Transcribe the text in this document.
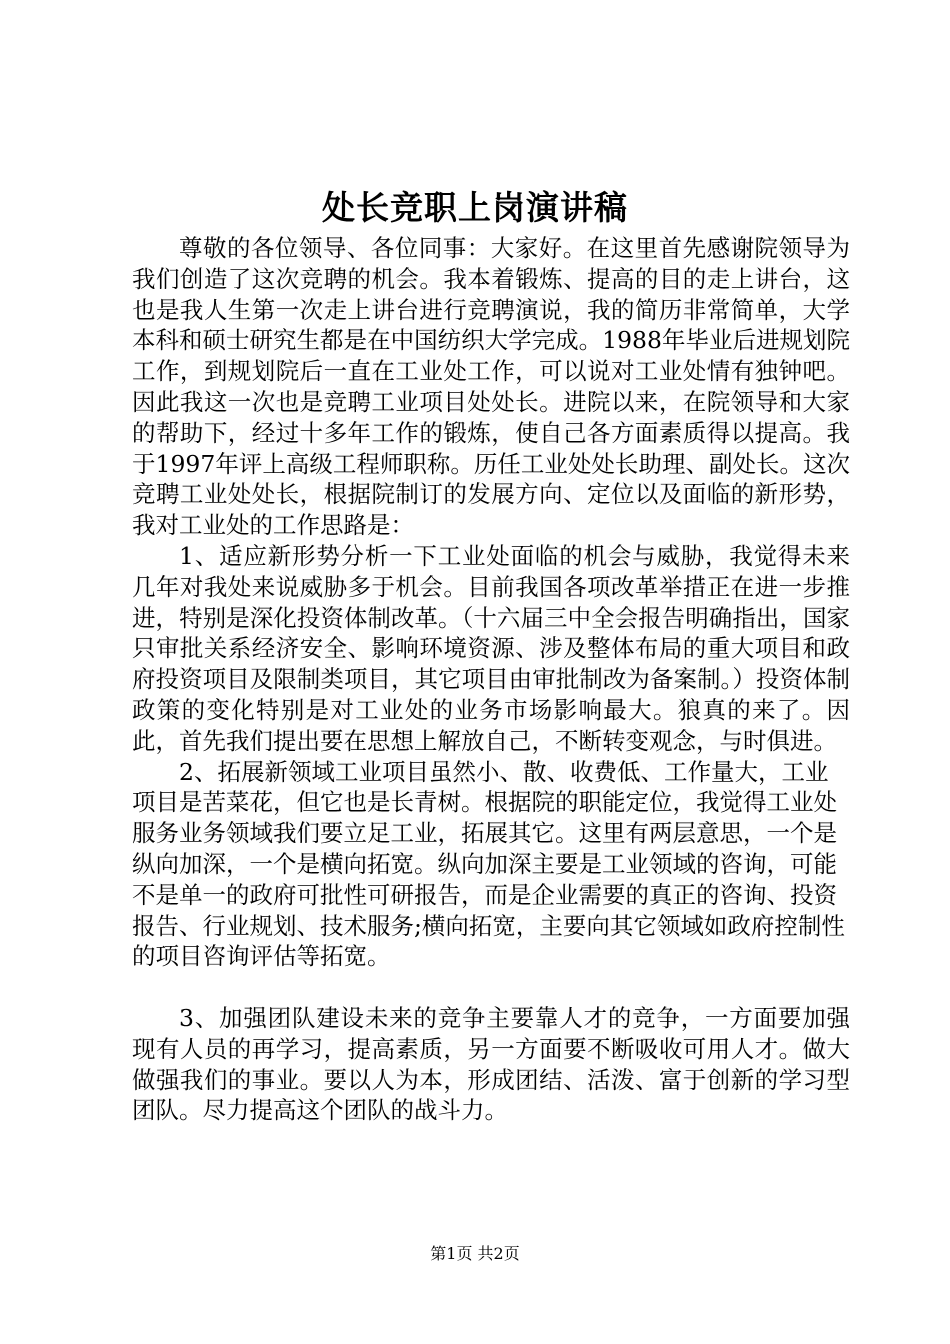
处长竞职上岗演讲稿

尊敬的各位领导、各位同事：大家好。在这里首先感谢院领导为我们创造了这次竞聘的机会。我本着锻炼、提高的目的走上讲台，这也是我人生第一次走上讲台进行竞聘演说，我的简历非常简单，大学本科和硕士研究生都是在中国纺织大学完成。1988年毕业后进规划院工作，到规划院后一直在工业处工作，可以说对工业处情有独钟吧。因此我这一次也是竞聘工业项目处处长。进院以来，在院领导和大家的帮助下，经过十多年工作的锻炼，使自己各方面素质得以提高。我于1997年评上高级工程师职称。历任工业处处长助理、副处长。这次竞聘工业处处长，根据院制订的发展方向、定位以及面临的新形势，我对工业处的工作思路是：

1、适应新形势分析一下工业处面临的机会与威胁，我觉得未来几年对我处来说威胁多于机会。目前我国各项改革举措正在进一步推进，特别是深化投资体制改革。（十六届三中全会报告明确指出，国家只审批关系经济安全、影响环境资源、涉及整体布局的重大项目和政府投资项目及限制类项目，其它项目由审批制改为备案制。）投资体制政策的变化特别是对工业处的业务市场影响最大。狼真的来了。因此，首先我们提出要在思想上解放自己，不断转变观念，与时俱进。

2、拓展新领域工业项目虽然小、散、收费低、工作量大，工业项目是苦菜花，但它也是长青树。根据院的职能定位，我觉得工业处服务业务领域我们要立足工业，拓展其它。这里有两层意思，一个是纵向加深，一个是横向拓宽。纵向加深主要是工业领域的咨询，可能不是单一的政府可批性可研报告，而是企业需要的真正的咨询、投资报告、行业规划、技术服务;横向拓宽，主要向其它领域如政府控制性的项目咨询评估等拓宽。

3、加强团队建设未来的竞争主要靠人才的竞争，一方面要加强现有人员的再学习，提高素质，另一方面要不断吸收可用人才。做大做强我们的事业。要以人为本，形成团结、活泼、富于创新的学习型团队。尽力提高这个团队的战斗力。

第1页 共2页
